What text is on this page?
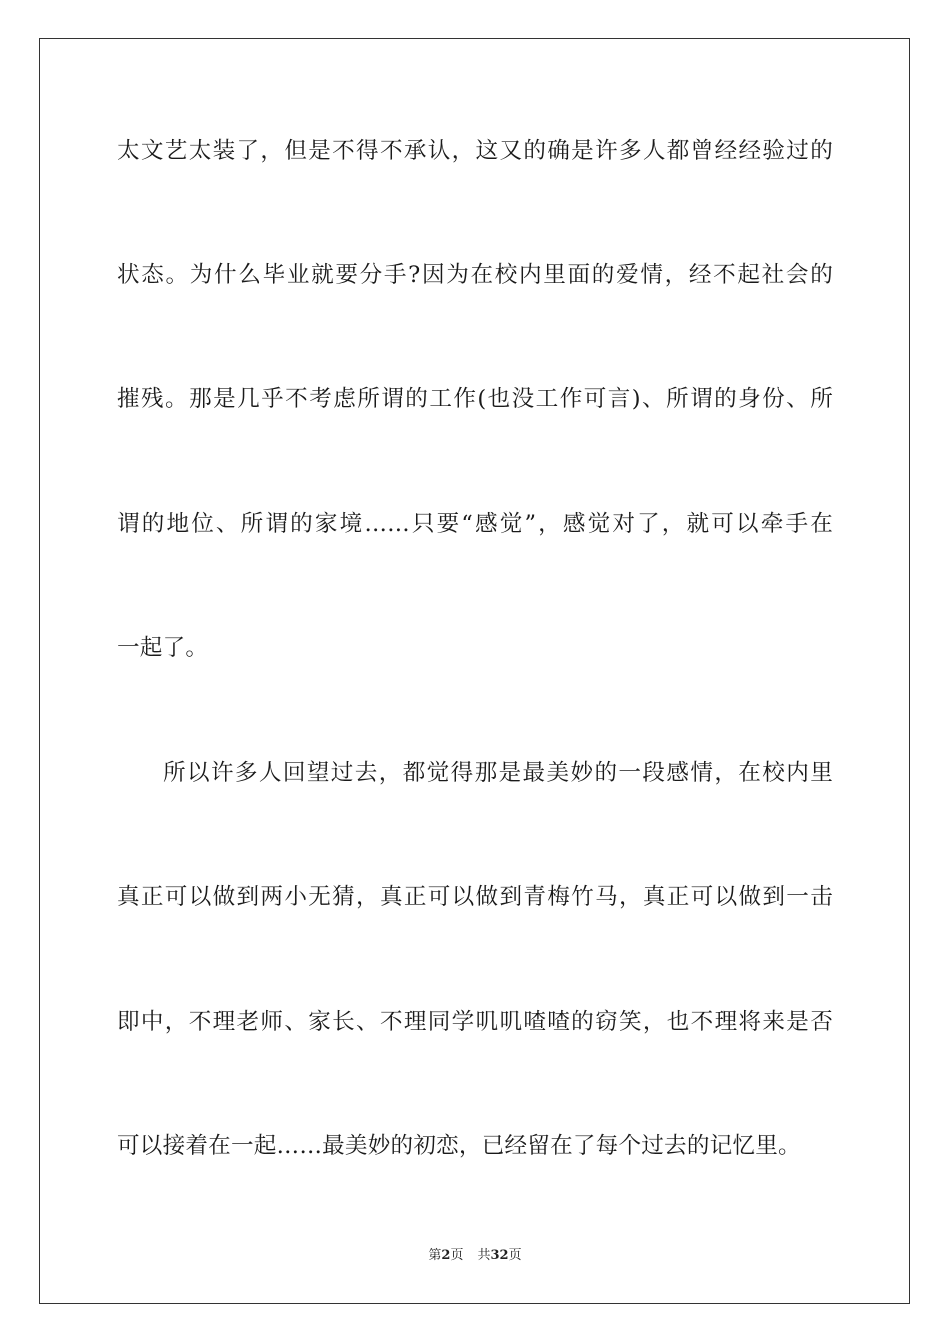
太文艺太装了，但是不得不承认，这又的确是许多人都曾经经验过的
状态。为什么毕业就要分手?因为在校内里面的爱情，经不起社会的
摧残。那是几乎不考虑所谓的工作(也没工作可言)、所谓的身份、所
谓的地位、所谓的家境……只要“感觉”，感觉对了，就可以牵手在
一起了。
所以许多人回望过去，都觉得那是最美妙的一段感情，在校内里
真正可以做到两小无猜，真正可以做到青梅竹马，真正可以做到一击
即中，不理老师、家长、不理同学叽叽喳喳的窃笑，也不理将来是否
可以接着在一起……最美妙的初恋，已经留在了每个过去的记忆里。
第2页 共32页
